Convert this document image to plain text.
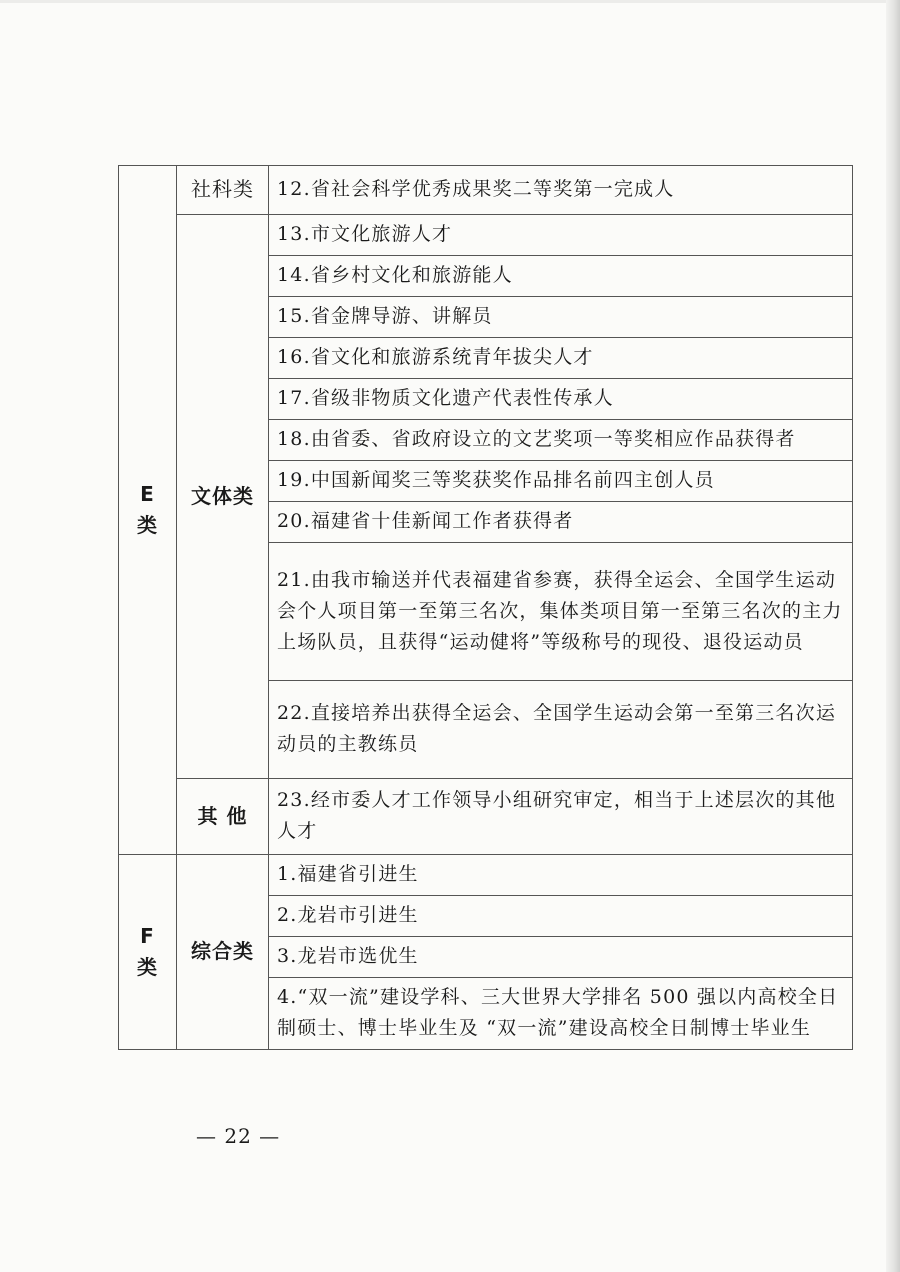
E 类	社科类	12.省社会科学优秀成果奖二等奖第一完成人
	文体类	13.市文化旅游人才
		14.省乡村文化和旅游能人
		15.省金牌导游、讲解员
		16.省文化和旅游系统青年拔尖人才
		17.省级非物质文化遗产代表性传承人
		18.由省委、省政府设立的文艺奖项一等奖相应作品获得者
		19.中国新闻奖三等奖获奖作品排名前四主创人员
		20.福建省十佳新闻工作者获得者
		21.由我市输送并代表福建省参赛，获得全运会、全国学生运动会个人项目第一至第三名次，集体类项目第一至第三名次的主力上场队员，且获得“运动健将”等级称号的现役、退役运动员
		22.直接培养出获得全运会、全国学生运动会第一至第三名次运动员的主教练员
	其 他	23.经市委人才工作领导小组研究审定，相当于上述层次的其他人才
F 类	综合类	1.福建省引进生
		2.龙岩市引进生
		3.龙岩市选优生
		4.“双一流”建设学科、三大世界大学排名 500 强以内高校全日制硕士、博士毕业生及 “双一流”建设高校全日制博士毕业生
— 22 —
